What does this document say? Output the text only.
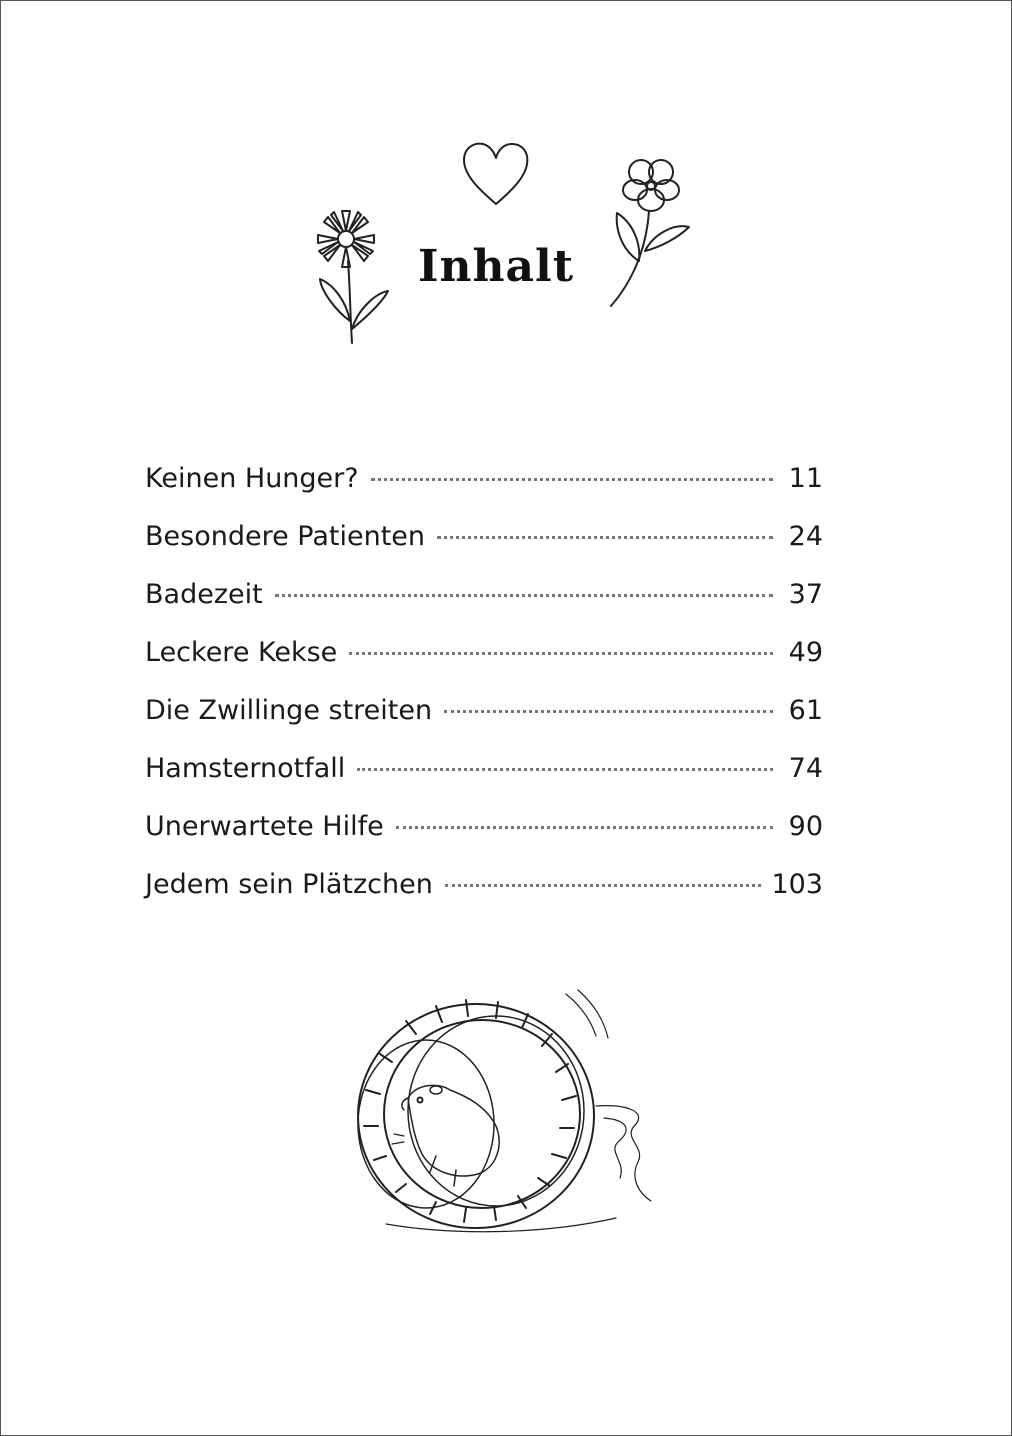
Inhalt
Keinen Hunger?	11
Besondere Patienten	24
Badezeit	37
Leckere Kekse	49
Die Zwillinge streiten	61
Hamsternotfall	74
Unerwartete Hilfe	90
Jedem sein Plätzchen	103
